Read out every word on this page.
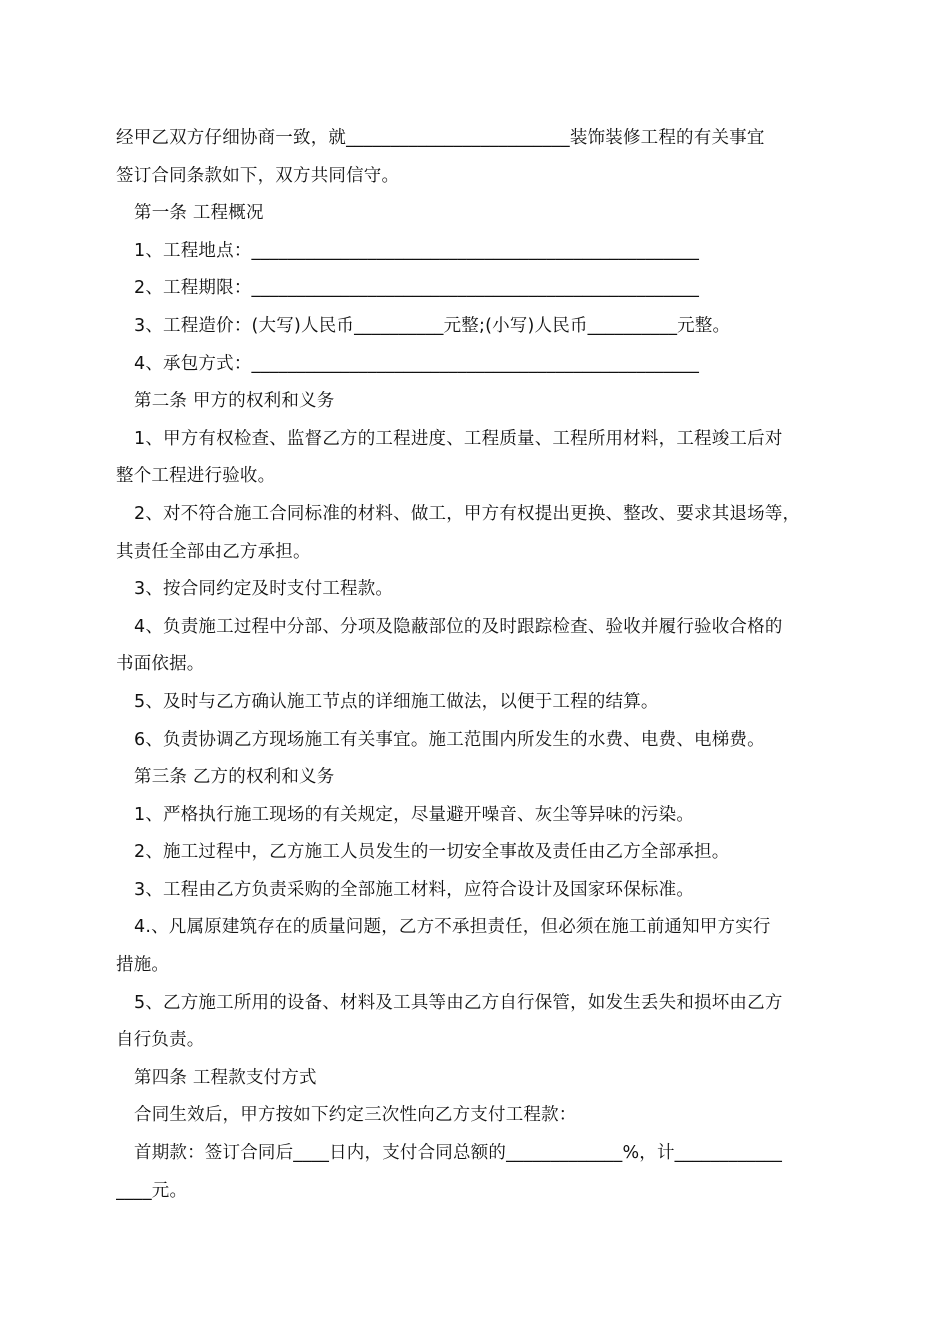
经甲乙双方仔细协商一致，就_________________________装饰装修工程的有关事宜
签订合同条款如下，双方共同信守。
第一条 工程概况
1、工程地点：__________________________________________________
2、工程期限：__________________________________________________
3、工程造价：(大写)人民币__________元整;(小写)人民币__________元整。
4、承包方式：__________________________________________________
第二条 甲方的权利和义务
1、甲方有权检查、监督乙方的工程进度、工程质量、工程所用材料，工程竣工后对
整个工程进行验收。
2、对不符合施工合同标准的材料、做工，甲方有权提出更换、整改、要求其退场等，
其责任全部由乙方承担。
3、按合同约定及时支付工程款。
4、负责施工过程中分部、分项及隐蔽部位的及时跟踪检查、验收并履行验收合格的
书面依据。
5、及时与乙方确认施工节点的详细施工做法，以便于工程的结算。
6、负责协调乙方现场施工有关事宜。施工范围内所发生的水费、电费、电梯费。
第三条 乙方的权利和义务
1、严格执行施工现场的有关规定，尽量避开噪音、灰尘等异味的污染。
2、施工过程中，乙方施工人员发生的一切安全事故及责任由乙方全部承担。
3、工程由乙方负责采购的全部施工材料，应符合设计及国家环保标准。
4.、凡属原建筑存在的质量问题，乙方不承担责任，但必须在施工前通知甲方实行
措施。
5、乙方施工所用的设备、材料及工具等由乙方自行保管，如发生丢失和损坏由乙方
自行负责。
第四条 工程款支付方式
合同生效后，甲方按如下约定三次性向乙方支付工程款：
首期款：签订合同后____日内，支付合同总额的_____________%，计____________
____元。
